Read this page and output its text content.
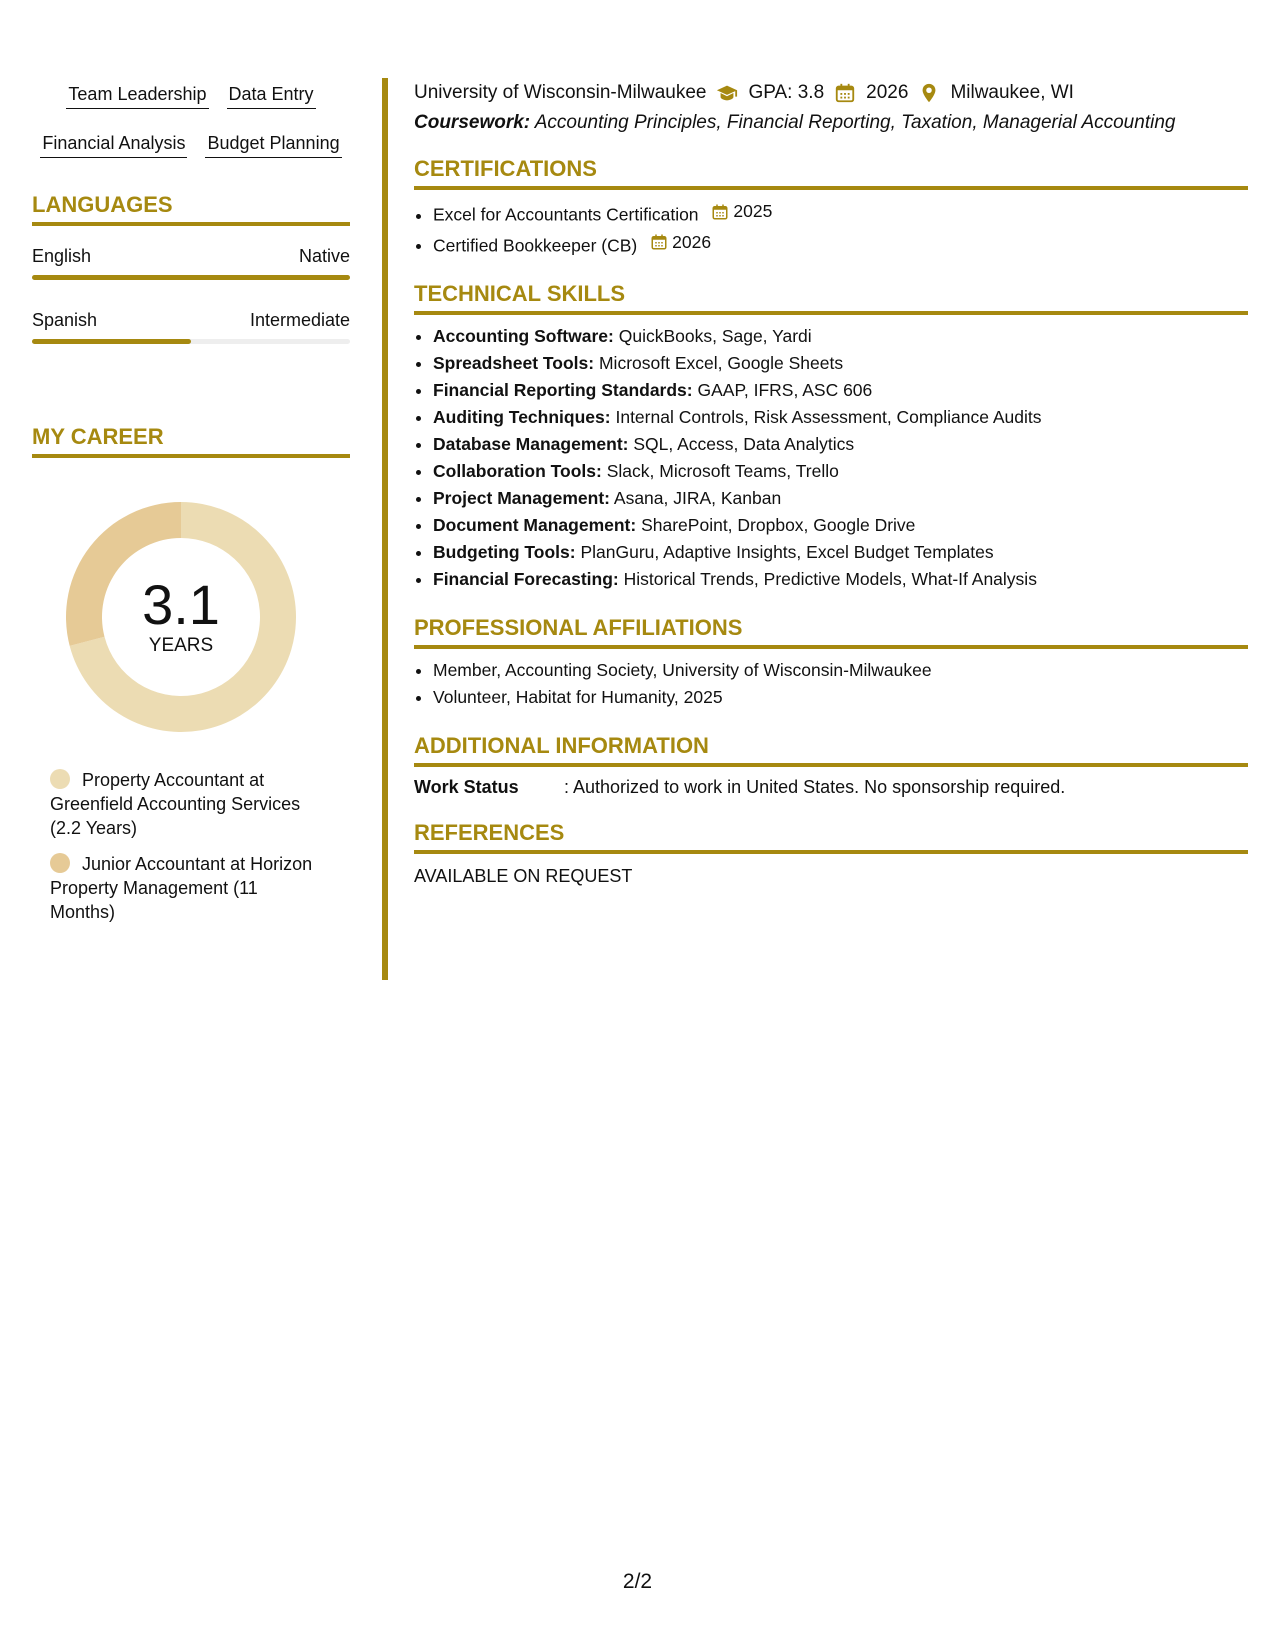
Team Leadership Data Entry
Financial Analysis Budget Planning
LANGUAGES
English	Native
Spanish	Intermediate
MY CAREER
3.1
YEARS
Property Accountant at Greenfield Accounting Services (2.2 Years)
Junior Accountant at Horizon Property Management (11 Months)
University of Wisconsin-Milwaukee GPA: 3.8 2026 Milwaukee, WI
Coursework: Accounting Principles, Financial Reporting, Taxation, Managerial Accounting
CERTIFICATIONS
• Excel for Accountants Certification 2025
• Certified Bookkeeper (CB) 2026
TECHNICAL SKILLS
• Accounting Software: QuickBooks, Sage, Yardi
• Spreadsheet Tools: Microsoft Excel, Google Sheets
• Financial Reporting Standards: GAAP, IFRS, ASC 606
• Auditing Techniques: Internal Controls, Risk Assessment, Compliance Audits
• Database Management: SQL, Access, Data Analytics
• Collaboration Tools: Slack, Microsoft Teams, Trello
• Project Management: Asana, JIRA, Kanban
• Document Management: SharePoint, Dropbox, Google Drive
• Budgeting Tools: PlanGuru, Adaptive Insights, Excel Budget Templates
• Financial Forecasting: Historical Trends, Predictive Models, What-If Analysis
PROFESSIONAL AFFILIATIONS
• Member, Accounting Society, University of Wisconsin-Milwaukee
• Volunteer, Habitat for Humanity, 2025
ADDITIONAL INFORMATION
Work Status	: Authorized to work in United States. No sponsorship required.
REFERENCES
AVAILABLE ON REQUEST
2/2
